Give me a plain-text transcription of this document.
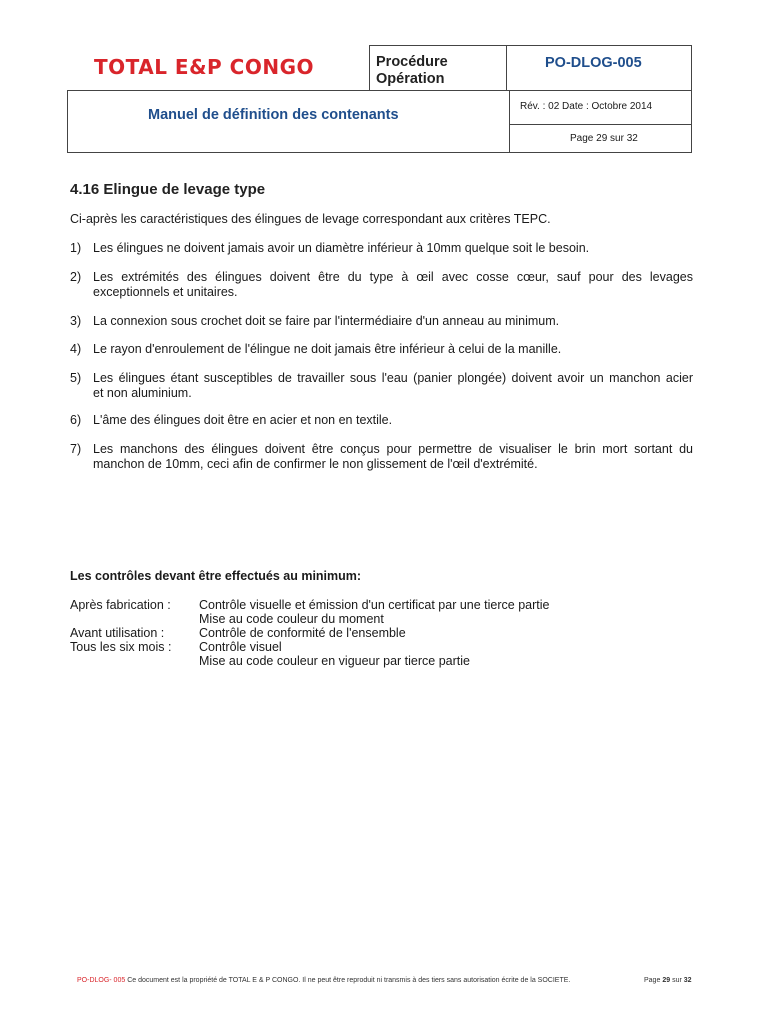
TOTAL E&P CONGO	Procédure
Opération
PO-DLOG-005
Manuel de définition des contenants
Rév. : 02 Date : Octobre 2014
Page 29 sur 32
4.16 Elingue de levage type
Ci-après les caractéristiques des élingues de levage correspondant aux critères TEPC.
1) Les élingues ne doivent jamais avoir un diamètre inférieur à 10mm quelque soit le besoin.
2) Les extrémités des élingues doivent être du type à œil avec cosse cœur, sauf pour des levages
exceptionnels et unitaires.
3) La connexion sous crochet doit se faire par l'intermédiaire d'un anneau au minimum.
4) Le rayon d'enroulement de l'élingue ne doit jamais être inférieur à celui de la manille.
5) Les élingues étant susceptibles de travailler sous l'eau (panier plongée) doivent avoir un manchon acier
et non aluminium.
6) L'âme des élingues doit être en acier et non en textile.
7) Les manchons des élingues doivent être conçus pour permettre de visualiser le brin mort sortant du
manchon de 10mm, ceci afin de confirmer le non glissement de l'œil d'extrémité.
Les contrôles devant être effectués au minimum:
Après fabrication : Contrôle visuelle et émission d'un certificat par une tierce partie
Mise au code couleur du moment
Avant utilisation :	Contrôle de conformité de l'ensemble
Tous les six mois : Contrôle visuel
Mise au code couleur en vigueur par tierce partie
PO-DLOG- 005 Ce document est la propriété de TOTAL E & P CONGO. Il ne peut être reproduit ni transmis à des tiers sans autorisation écrite de la SOCIETE.	Page 29 sur 32
